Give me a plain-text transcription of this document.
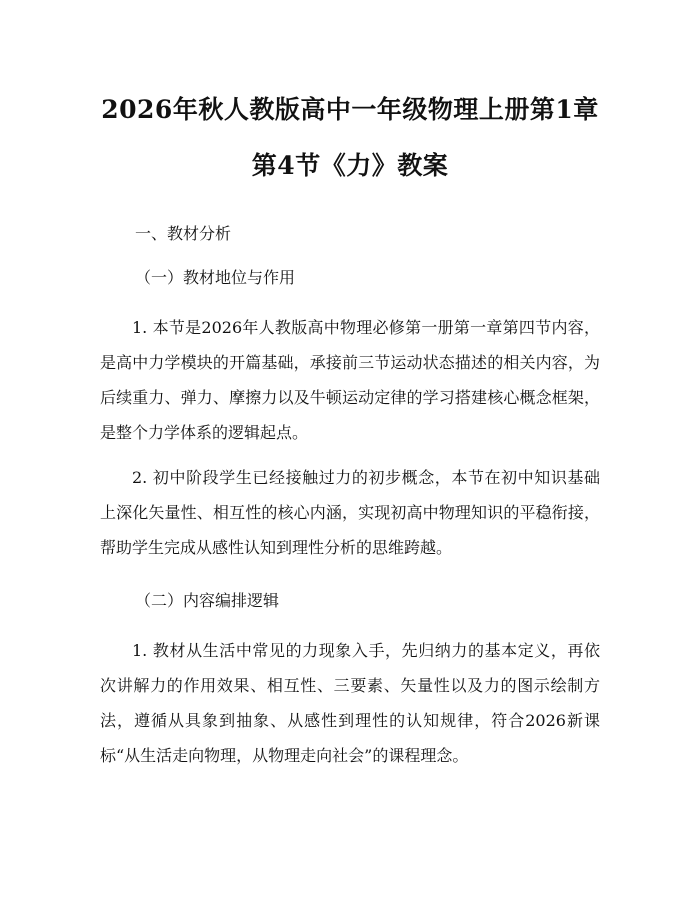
2026年秋人教版高中一年级物理上册第1章
第4节《力》教案
一、教材分析
（一）教材地位与作用

1. 本节是2026年人教版高中物理必修第一册第一章第四节内容，是高中力学模块的开篇基础，承接前三节运动状态描述的相关内容，为后续重力、弹力、摩擦力以及牛顿运动定律的学习搭建核心概念框架，是整个力学体系的逻辑起点。

2. 初中阶段学生已经接触过力的初步概念，本节在初中知识基础上深化矢量性、相互性的核心内涵，实现初高中物理知识的平稳衔接，帮助学生完成从感性认知到理性分析的思维跨越。

（二）内容编排逻辑

1. 教材从生活中常见的力现象入手，先归纳力的基本定义，再依次讲解力的作用效果、相互性、三要素、矢量性以及力的图示绘制方法，遵循从具象到抽象、从感性到理性的认知规律，符合2026新课标“从生活走向物理，从物理走向社会”的课程理念。
